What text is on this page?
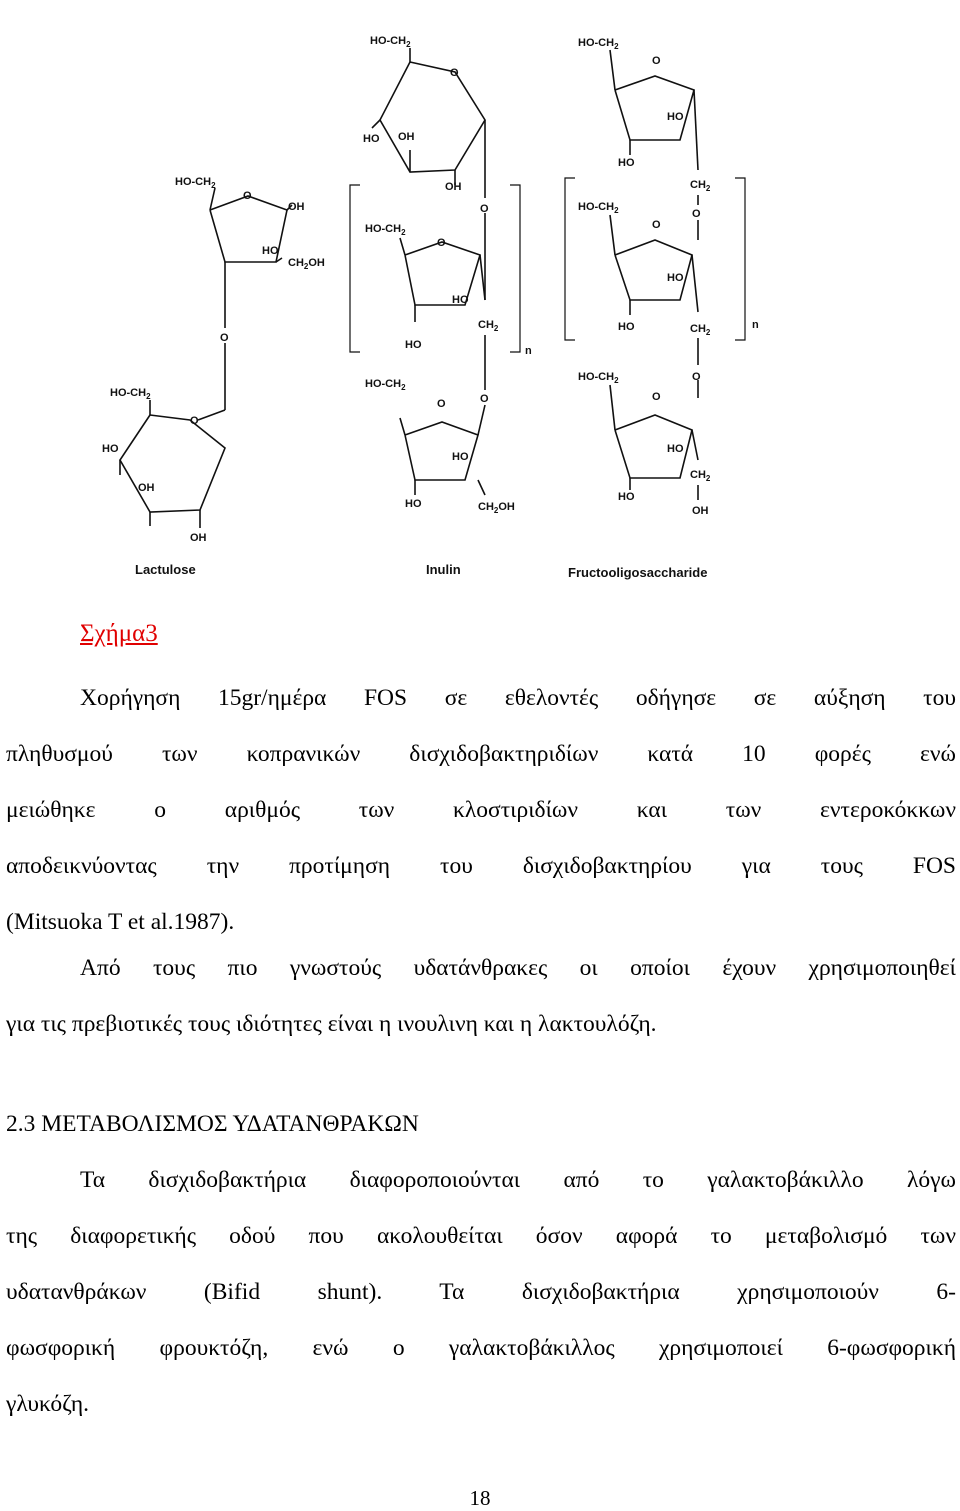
$HO-CH_2$
O
OH
HO
$CH_2OH$
O
$HO-CH_2$
O
HO
OH
OH
Lactulose
$HO-CH_2$
O
HO OH
OH
O
$HO-CH_2$
O
HO
$CH_2$
HO	n
O
$HO-CH_2$
O
HO
HO	$CH_2OH$
Inulin
$HO-CH_2$
O
HO
HO
$CH_2$
O
$HO-CH_2$
O
HO
HO	$CH_2$
n
O
$HO-CH_2$
O
HO
$CH_2$
HO
OH
Fructooligosaccharide

Σχήμα3

Χορήγηση 15gr/ημέρα FOS σε εθελοντές οδήγησε σε αύξηση του
πληθυσμού των κοπρανικών δισχιδοβακτηριδίων κατά 10 φορές ενώ
μειώθηκε ο αριθμός των κλοστιριδίων και των εντεροκόκκων
αποδεικνύοντας την προτίμηση του δισχιδοβακτηρίου για τους FOS
(Mitsuoka T et al.1987).
Από τους πιο γνωστούς υδατάνθρακες οι οποίοι έχουν χρησιμοποιηθεί
για τις πρεβιοτικές τους ιδιότητες είναι η ινουλινη και η λακτουλόζη.
2.3 ΜΕΤΑΒΟΛΙΣΜΟΣ ΥΔΑΤΑΝΘΡΑΚΩΝ
Τα δισχιδοβακτήρια διαφοροποιούνται από το γαλακτοβάκιλλο λόγω
της διαφορετικής οδού που ακολουθείται όσον αφορά το μεταβολισμό των
υδατανθράκων (Bifid shunt). Τα δισχιδοβακτήρια χρησιμοποιούν 6-
φωσφορική φρουκτόζη, ενώ ο γαλακτοβάκιλλος χρησιμοποιεί 6-φωσφορική
γλυκόζη.
18
